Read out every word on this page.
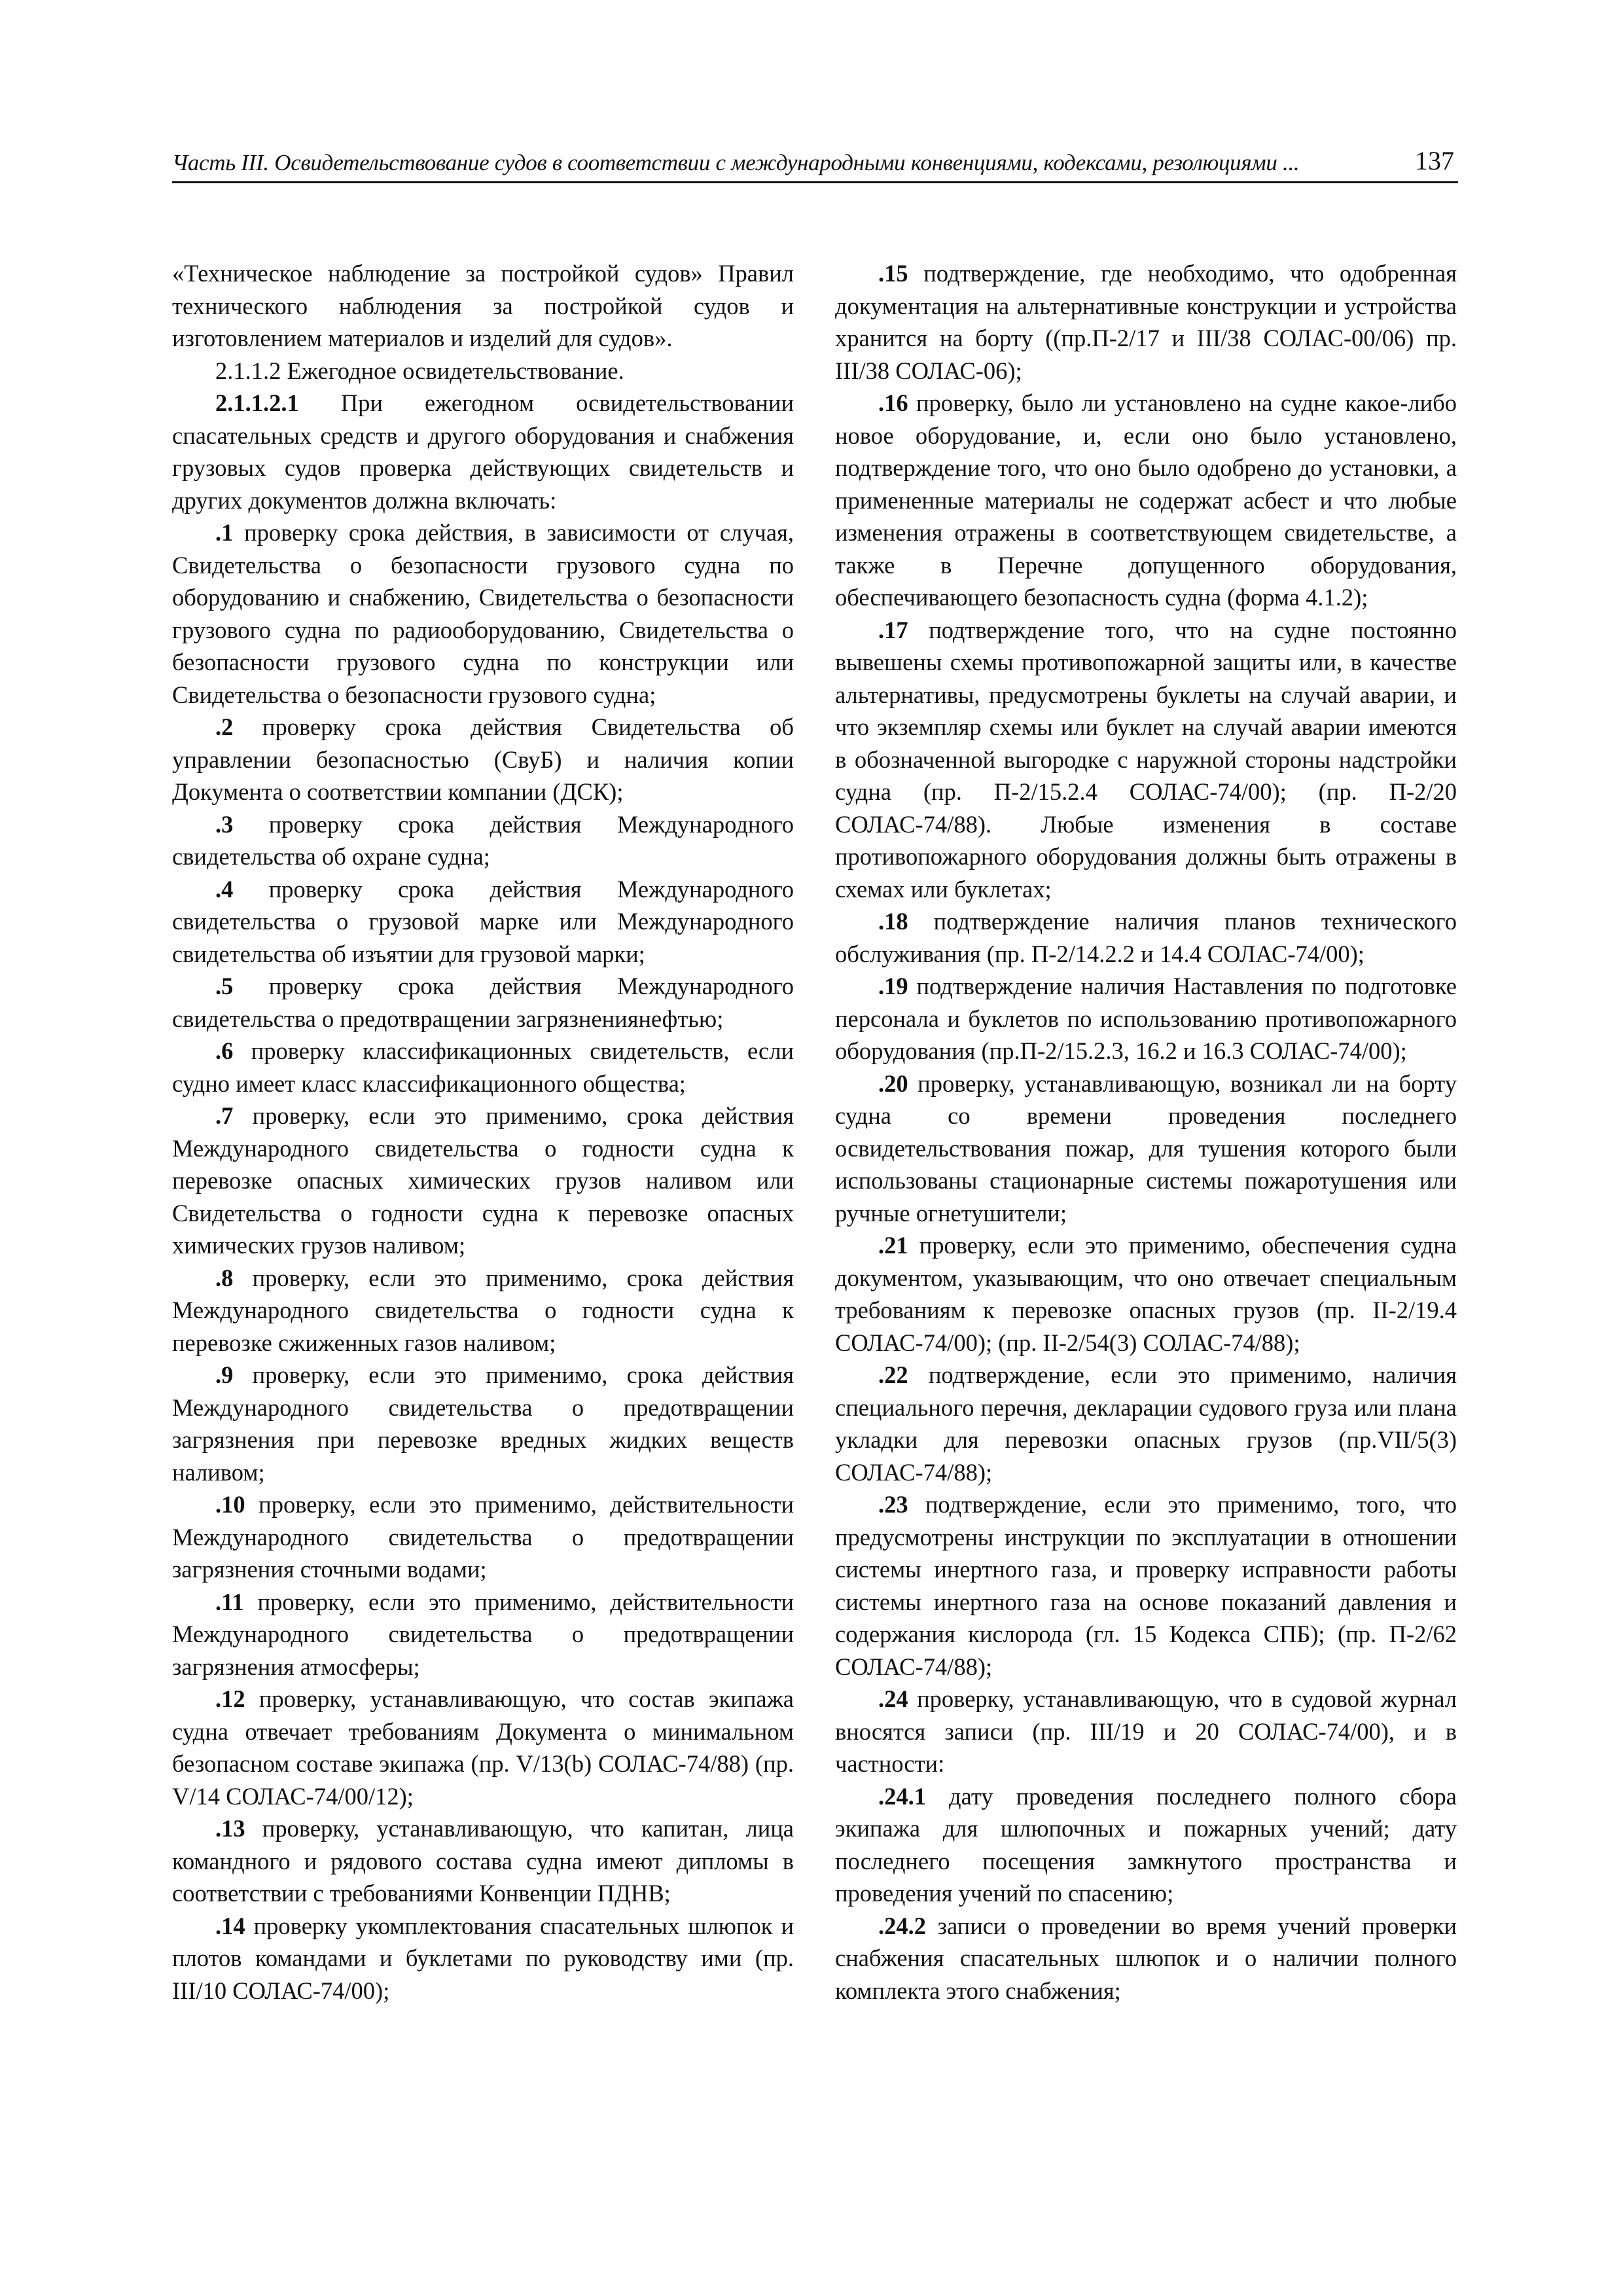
Часть III. Освидетельствование судов в соответствии с международными конвенциями, кодексами, резолюциями ...	137

«Техническое наблюдение за постройкой судов» Правил технического наблюдения за постройкой судов и изготовлением материалов и изделий для судов».

2.1.1.2 Ежегодное освидетельствование.

2.1.1.2.1 При ежегодном освидетельствовании спасательных средств и другого оборудования и снабжения грузовых судов проверка действующих свидетельств и других документов должна включать:

.1 проверку срока действия, в зависимости от случая, Свидетельства о безопасности грузового судна по оборудованию и снабжению, Свидетельства о безопасности грузового судна по радиооборудованию, Свидетельства о безопасности грузового судна по конструкции или Свидетельства о безопасности грузового судна;

.2 проверку срока действия Свидетельства об управлении безопасностью (СвуБ) и наличия копии Документа о соответствии компании (ДСК);

.3 проверку срока действия Международного свидетельства об охране судна;

.4 проверку срока действия Международного свидетельства о грузовой марке или Международного свидетельства об изъятии для грузовой марки;

.5 проверку срока действия Международного свидетельства о предотвращении загрязнениянефтью;

.6 проверку классификационных свидетельств, если судно имеет класс классификационного общества;

.7 проверку, если это применимо, срока действия Международного свидетельства о годности судна к перевозке опасных химических грузов наливом или Свидетельства о годности судна к перевозке опасных химических грузов наливом;

.8 проверку, если это применимо, срока действия Международного свидетельства о годности судна к перевозке сжиженных газов наливом;

.9 проверку, если это применимо, срока действия Международного свидетельства о предотвращении загрязнения при перевозке вредных жидких веществ наливом;

.10 проверку, если это применимо, действительности Международного свидетельства о предотвращении загрязнения сточными водами;

.11 проверку, если это применимо, действительности Международного свидетельства о предотвращении загрязнения атмосферы;

.12 проверку, устанавливающую, что состав экипажа судна отвечает требованиям Документа о минимальном безопасном составе экипажа (пр. V/13(b) СОЛАС-74/88) (пр. V/14 СОЛАС-74/00/12);

.13 проверку, устанавливающую, что капитан, лица командного и рядового состава судна имеют дипломы в соответствии с требованиями Конвенции ПДНВ;

.14 проверку укомплектования спасательных шлюпок и плотов командами и буклетами по руководству ими (пр. III/10 СОЛАС-74/00);

.15 подтверждение, где необходимо, что одобренная документация на альтернативные конструкции и устройства хранится на борту ((пр.П-2/17 и III/38 СОЛАС-00/06) пр. III/38 СОЛАС-06);

.16 проверку, было ли установлено на судне какое-либо новое оборудование, и, если оно было установлено, подтверждение того, что оно было одобрено до установки, а примененные материалы не содержат асбест и что любые изменения отражены в соответствующем свидетельстве, а также в Перечне допущенного оборудования, обеспечивающего безопасность судна (форма 4.1.2);

.17 подтверждение того, что на судне постоянно вывешены схемы противопожарной защиты или, в качестве альтернативы, предусмотрены буклеты на случай аварии, и что экземпляр схемы или буклет на случай аварии имеются в обозначенной выгородке с наружной стороны надстройки судна (пр. П-2/15.2.4 СОЛАС-74/00); (пр. П-2/20 СОЛАС-74/88). Любые изменения в составе противопожарного оборудования должны быть отражены в схемах или буклетах;

.18 подтверждение наличия планов технического обслуживания (пр. П-2/14.2.2 и 14.4 СОЛАС-74/00);

.19 подтверждение наличия Наставления по подготовке персонала и буклетов по использованию противопожарного оборудования (пр.П-2/15.2.3, 16.2 и 16.3 СОЛАС-74/00);

.20 проверку, устанавливающую, возникал ли на борту судна со времени проведения последнего освидетельствования пожар, для тушения которого были использованы стационарные системы пожаротушения или ручные огнетушители;

.21 проверку, если это применимо, обеспечения судна документом, указывающим, что оно отвечает специальным требованиям к перевозке опасных грузов (пр. II-2/19.4 СОЛАС-74/00); (пр. II-2/54(3) СОЛАС-74/88);

.22 подтверждение, если это применимо, наличия специального перечня, декларации судового груза или плана укладки для перевозки опасных грузов (пр.VII/5(3) СОЛАС-74/88);

.23 подтверждение, если это применимо, того, что предусмотрены инструкции по эксплуатации в отношении системы инертного газа, и проверку исправности работы системы инертного газа на основе показаний давления и содержания кислорода (гл. 15 Кодекса СПБ); (пр. П-2/62 СОЛАС-74/88);

.24 проверку, устанавливающую, что в судовой журнал вносятся записи (пр. III/19 и 20 СОЛАС-74/00), и в частности:

.24.1 дату проведения последнего полного сбора экипажа для шлюпочных и пожарных учений; дату последнего посещения замкнутого пространства и проведения учений по спасению;

.24.2 записи о проведении во время учений проверки снабжения спасательных шлюпок и о наличии полного комплекта этого снабжения;
